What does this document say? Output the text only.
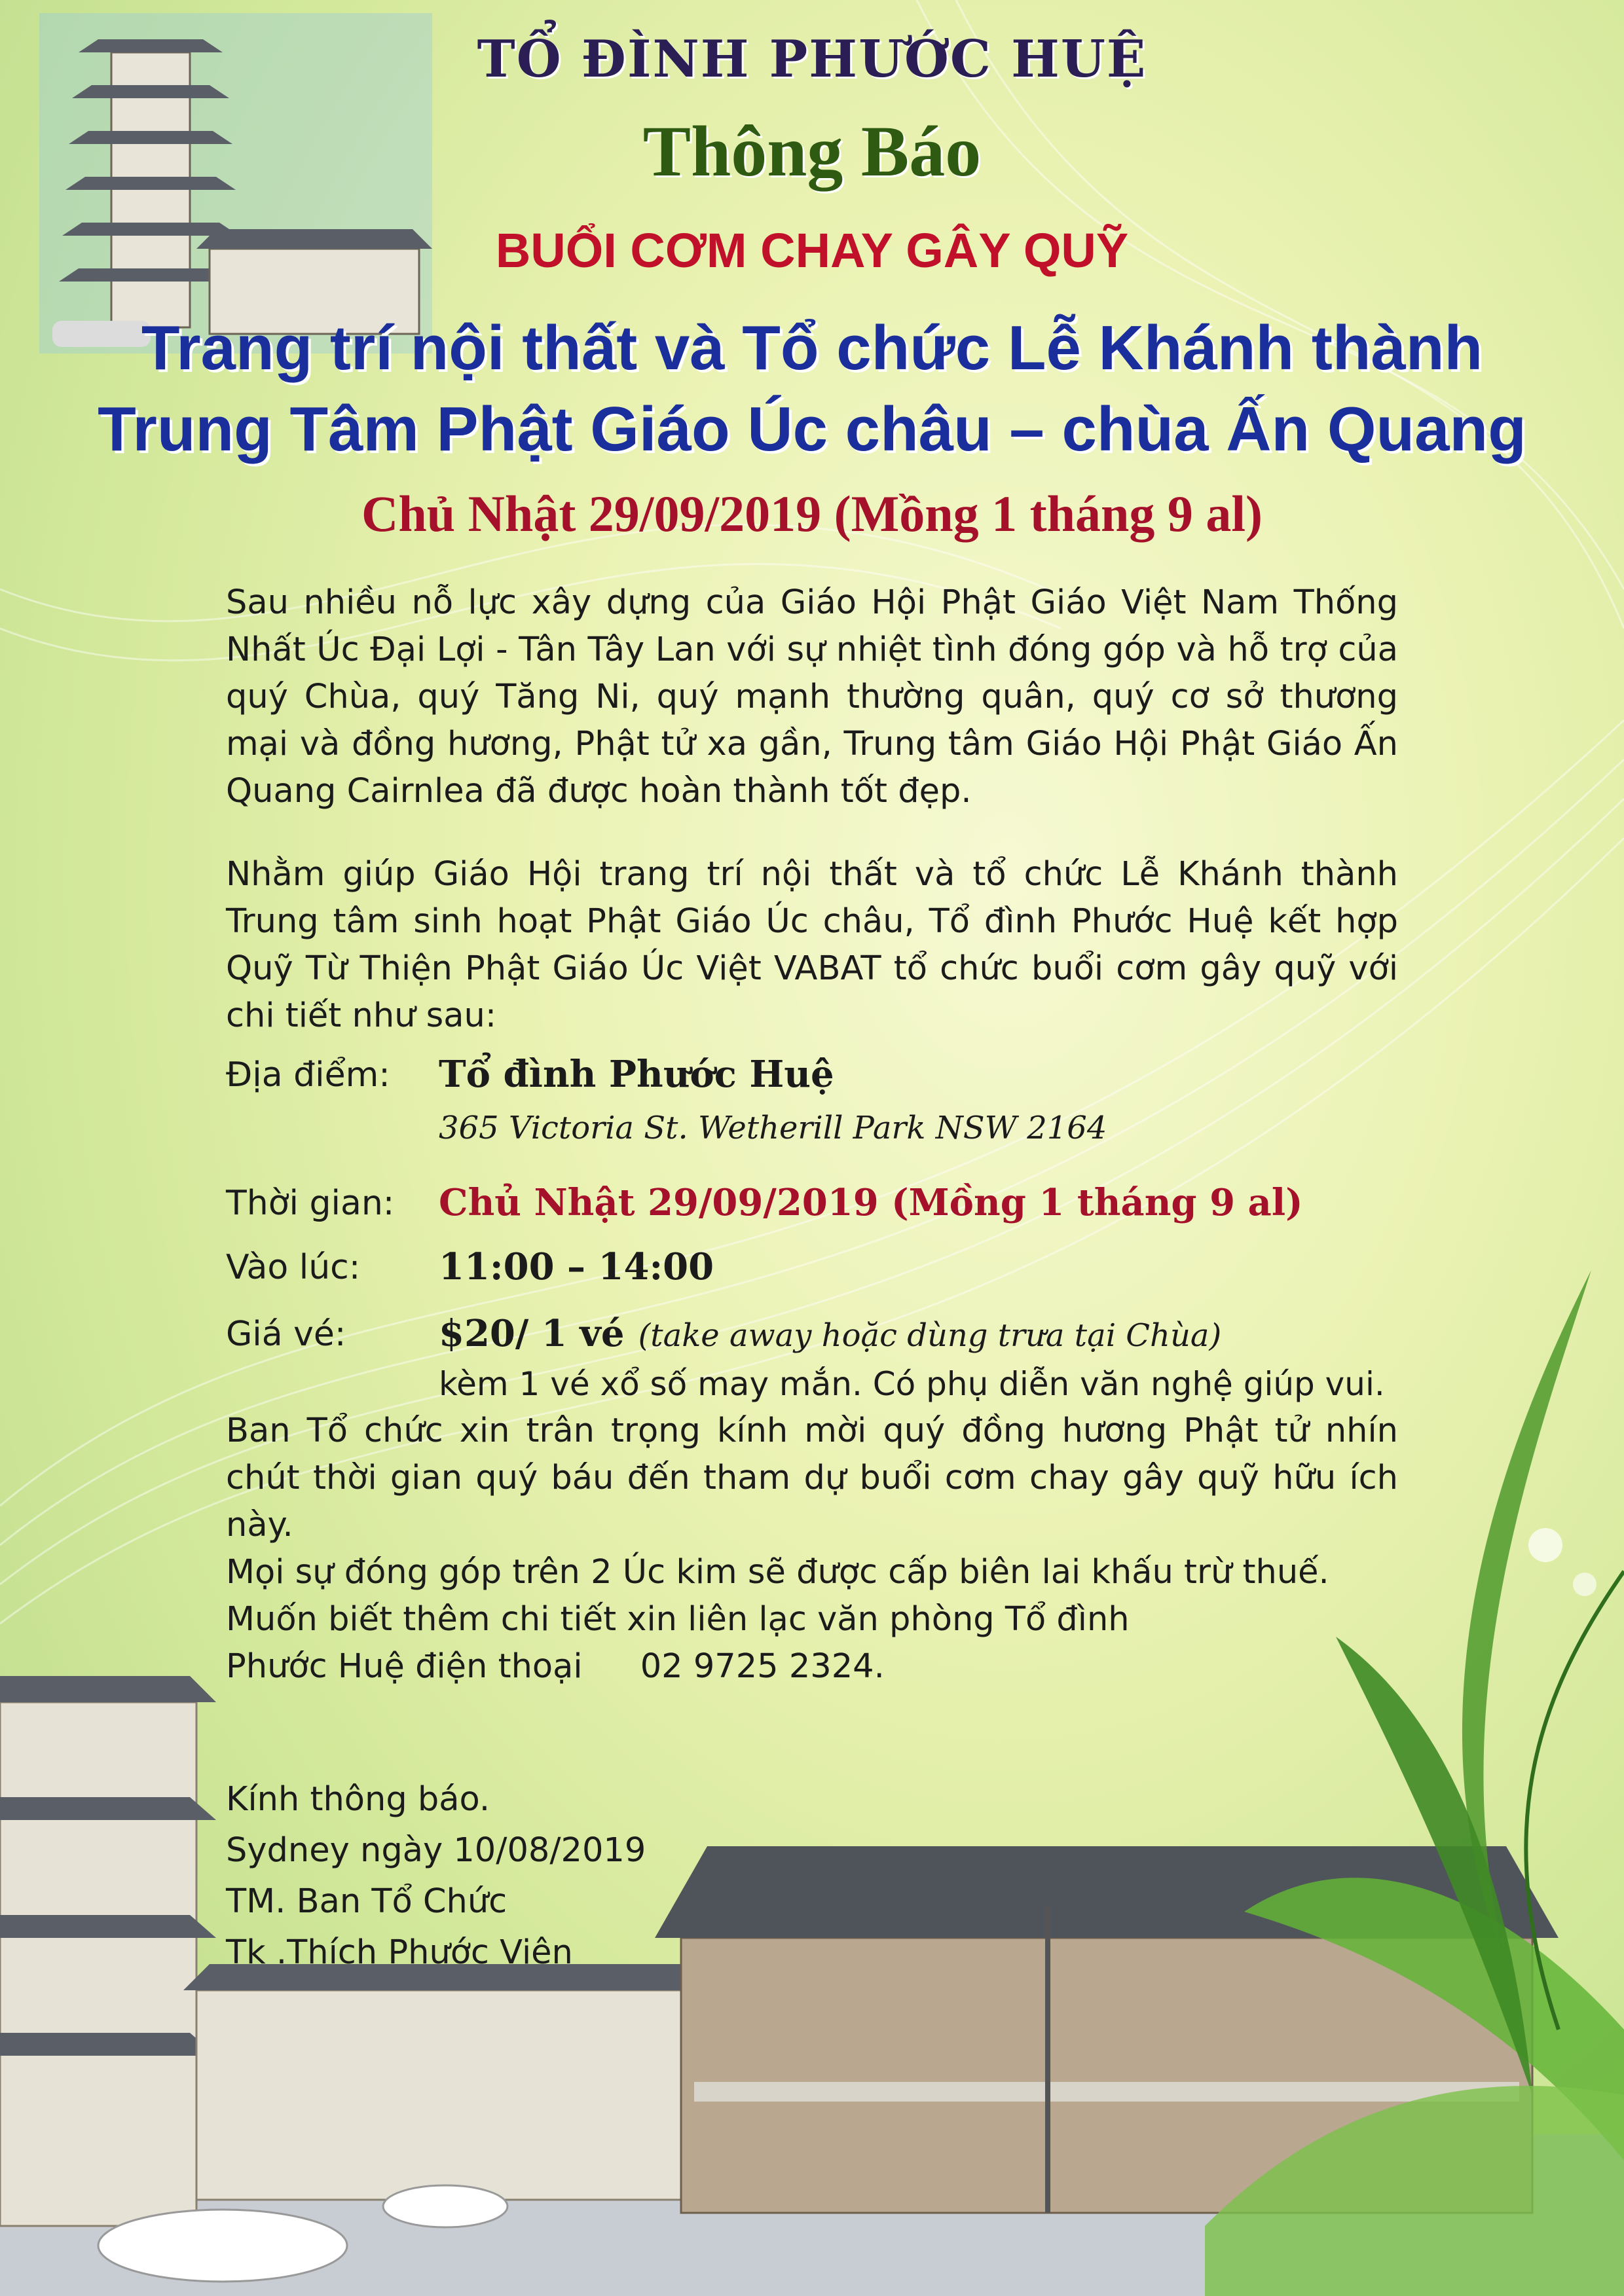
TỔ ĐÌNH PHƯỚC HUỆ
Thông Báo
BUỔI CƠM CHAY GÂY QUỸ
Trang trí nội thất và Tổ chức Lễ Khánh thành
Trung Tâm Phật Giáo Úc châu – chùa Ấn Quang
Chủ Nhật 29/09/2019 (Mồng 1 tháng 9 al)

Sau nhiều nỗ lực xây dựng của Giáo Hội Phật Giáo Việt Nam Thống Nhất Úc Đại Lợi - Tân Tây Lan với sự nhiệt tình đóng góp và hỗ trợ của quý Chùa, quý Tăng Ni, quý mạnh thường quân, quý cơ sở thương mại và đồng hương, Phật tử xa gần, Trung tâm Giáo Hội Phật Giáo Ấn Quang Cairnlea đã được hoàn thành tốt đẹp.

Nhằm giúp Giáo Hội trang trí nội thất và tổ chức Lễ Khánh thành Trung tâm sinh hoạt Phật Giáo Úc châu, Tổ đình Phước Huệ kết hợp Quỹ Từ Thiện Phật Giáo Úc Việt VABAT tổ chức buổi cơm gây quỹ với chi tiết như sau:

Địa điểm: Tổ đình Phước Huệ
365 Victoria St. Wetherill Park NSW 2164
Thời gian: Chủ Nhật 29/09/2019 (Mồng 1 tháng 9 al)
Vào lúc: 11:00 – 14:00
Giá vé:	$20/ 1 vé (take away hoặc dùng trưa tại Chùa)
kèm 1 vé xổ số may mắn. Có phụ diễn văn nghệ giúp vui.

Ban Tổ chức xin trân trọng kính mời quý đồng hương Phật tử nhín chút thời gian quý báu đến tham dự buổi cơm chay gây quỹ hữu ích này.

Mọi sự đóng góp trên 2 Úc kim sẽ được cấp biên lai khấu trừ thuế.

Muốn biết thêm chi tiết xin liên lạc văn phòng Tổ đình

Phước Huệ điện thoại 02 9725 2324.

Kính thông báo.
Sydney ngày 10/08/2019
TM. Ban Tổ Chức
Tk .Thích Phước Viên
